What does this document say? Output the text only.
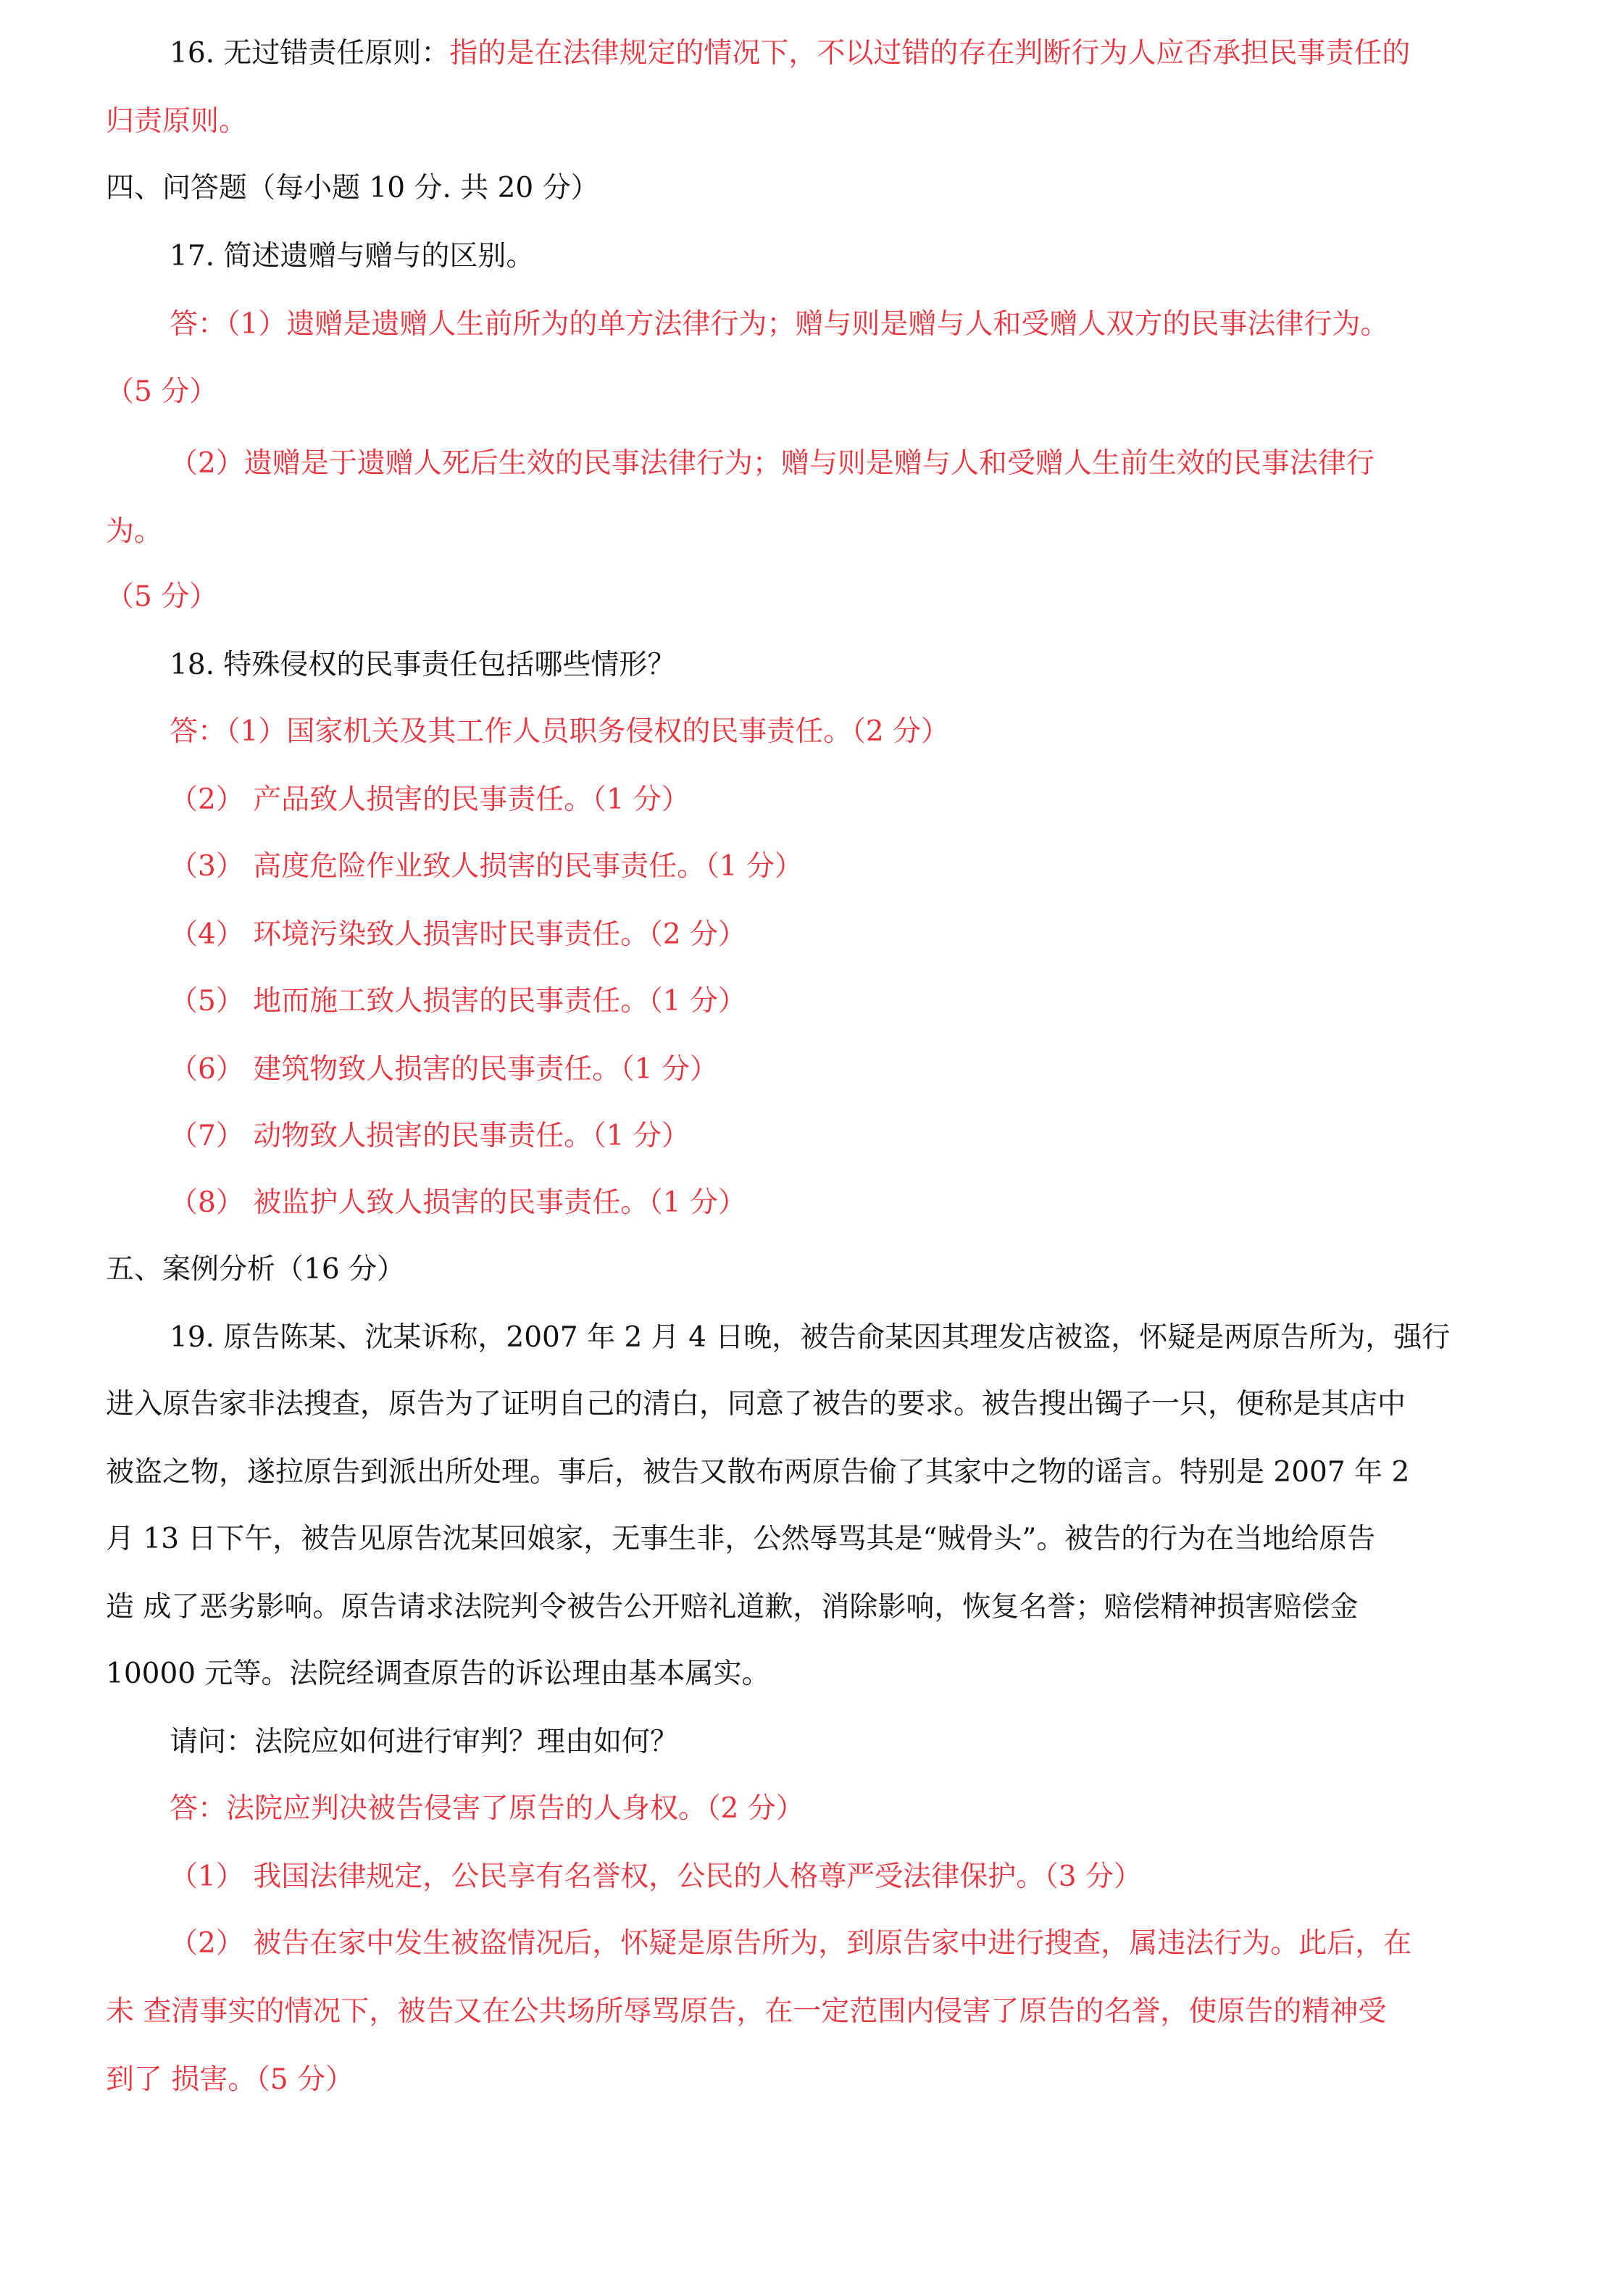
16. 无过错责任原则：指的是在法律规定的情况下，不以过错的存在判断行为人应否承担民事责任的
归责原则。
四、问答题（每小题 10 分. 共 20 分）
17. 简述遗赠与赠与的区别。
答：（1）遗赠是遗赠人生前所为的单方法律行为；赠与则是赠与人和受赠人双方的民事法律行为。
（5 分）
（2）遗赠是于遗赠人死后生效的民事法律行为；赠与则是赠与人和受赠人生前生效的民事法律行
为。
（5 分）
18. 特殊侵权的民事责任包括哪些情形？
答：（1）国家机关及其工作人员职务侵权的民事责任。（2 分）
（2） 产品致人损害的民事责任。（1 分）
（3） 高度危险作业致人损害的民事责任。（1 分）
（4） 环境污染致人损害时民事责任。（2 分）
（5） 地而施工致人损害的民事责任。（1 分）
（6） 建筑物致人损害的民事责任。（1 分）
（7） 动物致人损害的民事责任。（1 分）
（8） 被监护人致人损害的民事责任。（1 分）
五、案例分析（16 分）
19. 原告陈某、沈某诉称，2007 年 2 月 4 日晚，被告俞某因其理发店被盗，怀疑是两原告所为，强行
进入原告家非法搜查，原告为了证明自己的清白，同意了被告的要求。被告搜出镯子一只，便称是其店中
被盗之物，遂拉原告到派出所处理。事后，被告又散布两原告偷了其家中之物的谣言。特别是 2007 年 2
月 13 日下午，被告见原告沈某回娘家，无事生非，公然辱骂其是“贼骨头”。被告的行为在当地给原告
造 成了恶劣影响。原告请求法院判令被告公开赔礼道歉，消除影响，恢复名誉；赔偿精神损害赔偿金
10000 元等。法院经调查原告的诉讼理由基本属实。
请问：法院应如何进行审判？理由如何？
答：法院应判决被告侵害了原告的人身权。（2 分）
（1） 我国法律规定，公民享有名誉权，公民的人格尊严受法律保护。（3 分）
（2） 被告在家中发生被盗情况后，怀疑是原告所为，到原告家中进行搜查，属违法行为。此后，在
未 查清事实的情况下，被告又在公共场所辱骂原告，在一定范围内侵害了原告的名誉，使原告的精神受
到了 损害。（5 分）
